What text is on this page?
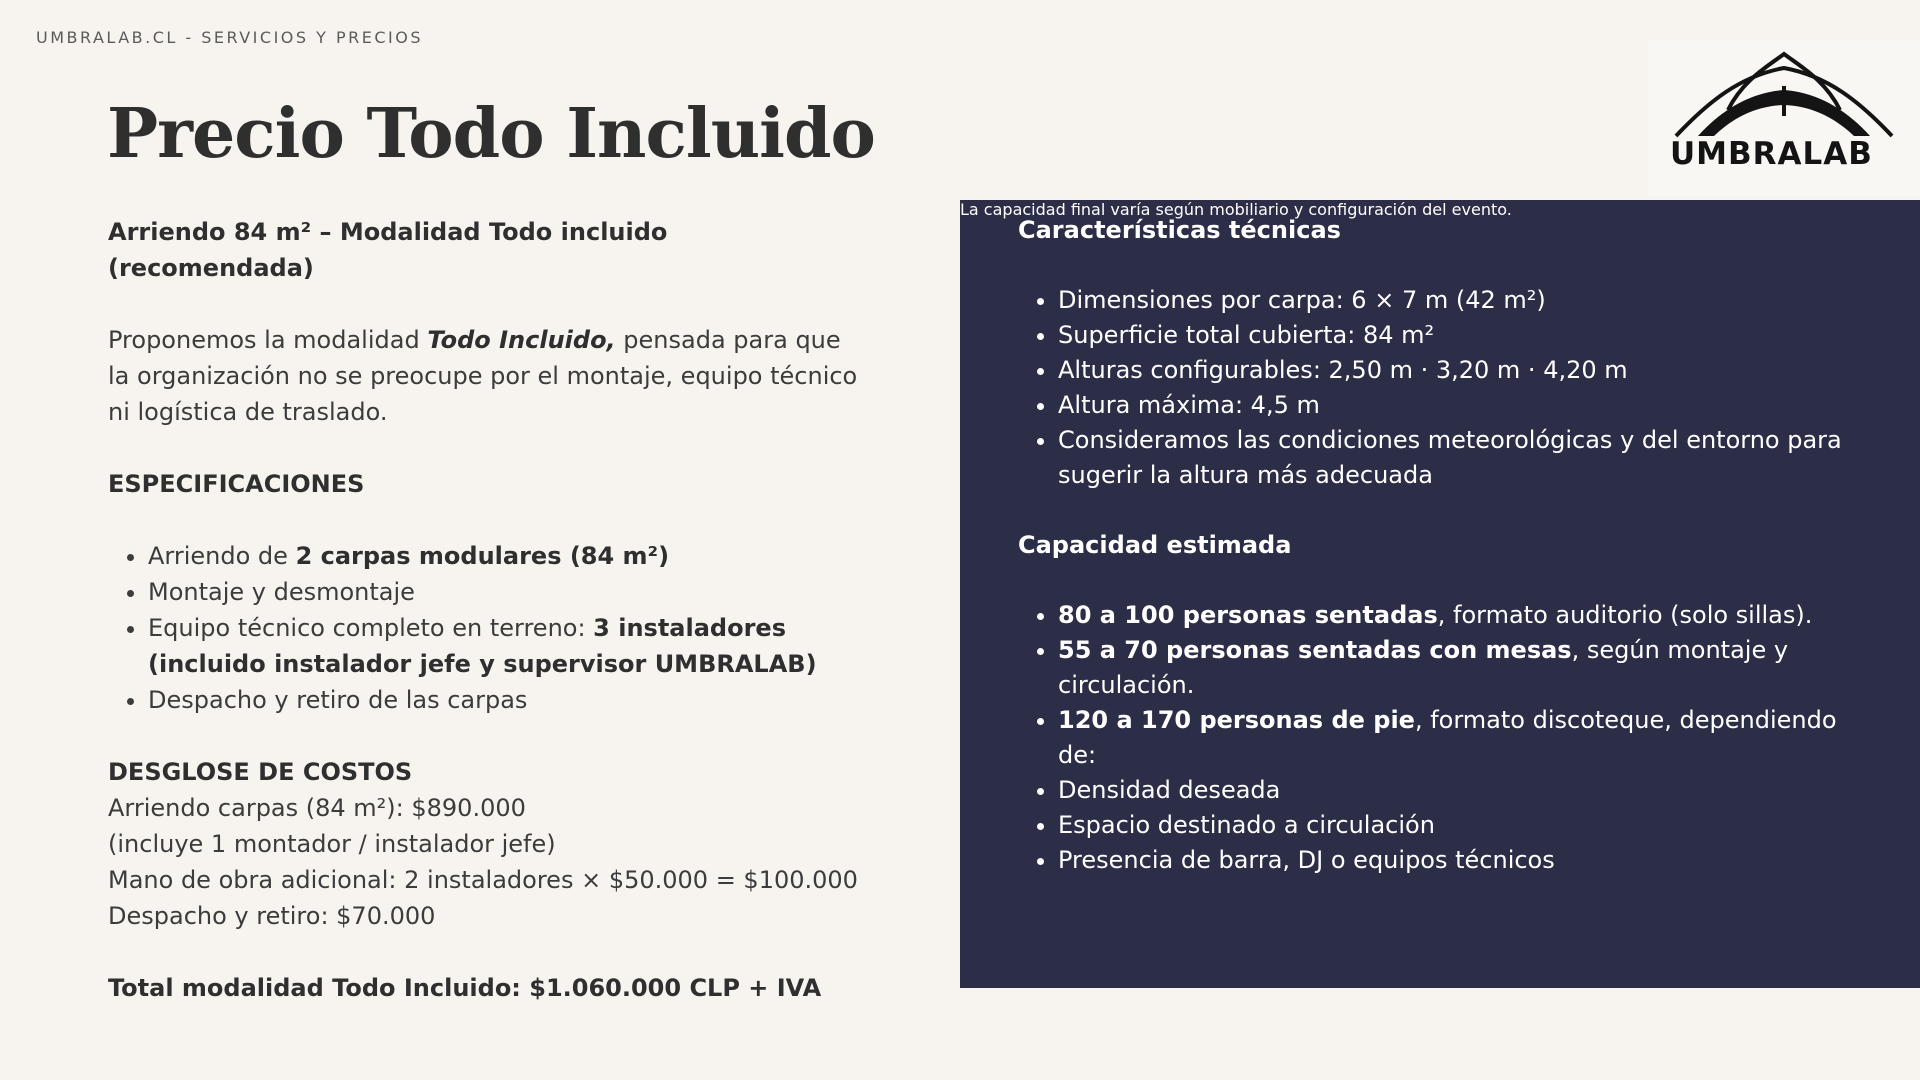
UMBRALAB.CL - SERVICIOS Y PRECIOS
Precio Todo Incluido	UMBRALAB

Arriendo 84 m² – Modalidad Todo incluido (recomendada)

Proponemos la modalidad Todo Incluido, pensada para que la organización no se preocupe por el montaje, equipo técnico ni logística de traslado.

ESPECIFICACIONES

• Arriendo de 2 carpas modulares (84 m²)
• Montaje y desmontaje
• Equipo técnico completo en terreno: 3 instaladores (incluido instalador jefe y supervisor UMBRALAB)
• Despacho y retiro de las carpas

DESGLOSE DE COSTOS

Arriendo carpas (84 m²): $890.000

(incluye 1 montador / instalador jefe)

Mano de obra adicional: 2 instaladores × $50.000 = $100.000

Despacho y retiro: $70.000

Total modalidad Todo Incluido: $1.060.000 CLP + IVA

Características técnicas

• Dimensiones por carpa: 6 × 7 m (42 m²)
• Superficie total cubierta: 84 m²
• Alturas configurables: 2,50 m · 3,20 m · 4,20 m
• Altura máxima: 4,5 m
• Consideramos las condiciones meteorológicas y del entorno para sugerir la altura más adecuada

Capacidad estimada

• 80 a 100 personas sentadas, formato auditorio (solo sillas).
• 55 a 70 personas sentadas con mesas, según montaje y circulación.
• 120 a 170 personas de pie, formato discoteque, dependiendo de:
• Densidad deseada
• Espacio destinado a circulación
• Presencia de barra, DJ o equipos técnicos

La capacidad final varía según mobiliario y configuración del evento.
